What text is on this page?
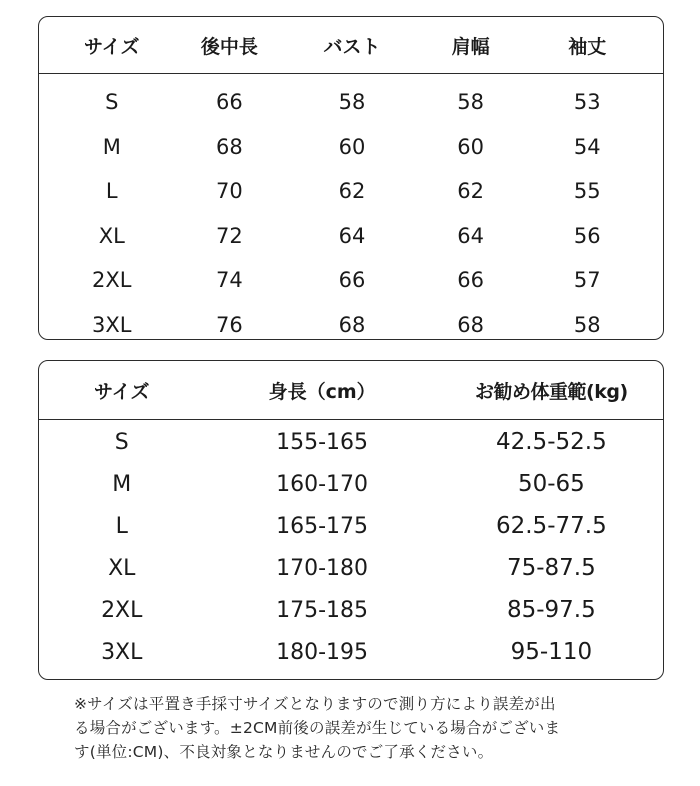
サイズ	後中長	バスト	肩幅	袖丈
S	66	58	58	53
M	68	60	60	54
L	70	62	62	55
XL	72	64	64	56
2XL	74	66	66	57
3XL	76	68	68	58
サイズ	身長（cm）	お勧め体重範(kg)
S	155-165	42.5-52.5
M	160-170	50-65
L	165-175	62.5-77.5
XL	170-180	75-87.5
2XL	175-185	85-97.5
3XL	180-195	95-110
※サイズは平置き手採寸サイズとなりますので測り方により誤差が出
る場合がございます。±2CM前後の誤差が生じている場合がございま
す(単位:CM)、不良対象となりませんのでご了承ください。
